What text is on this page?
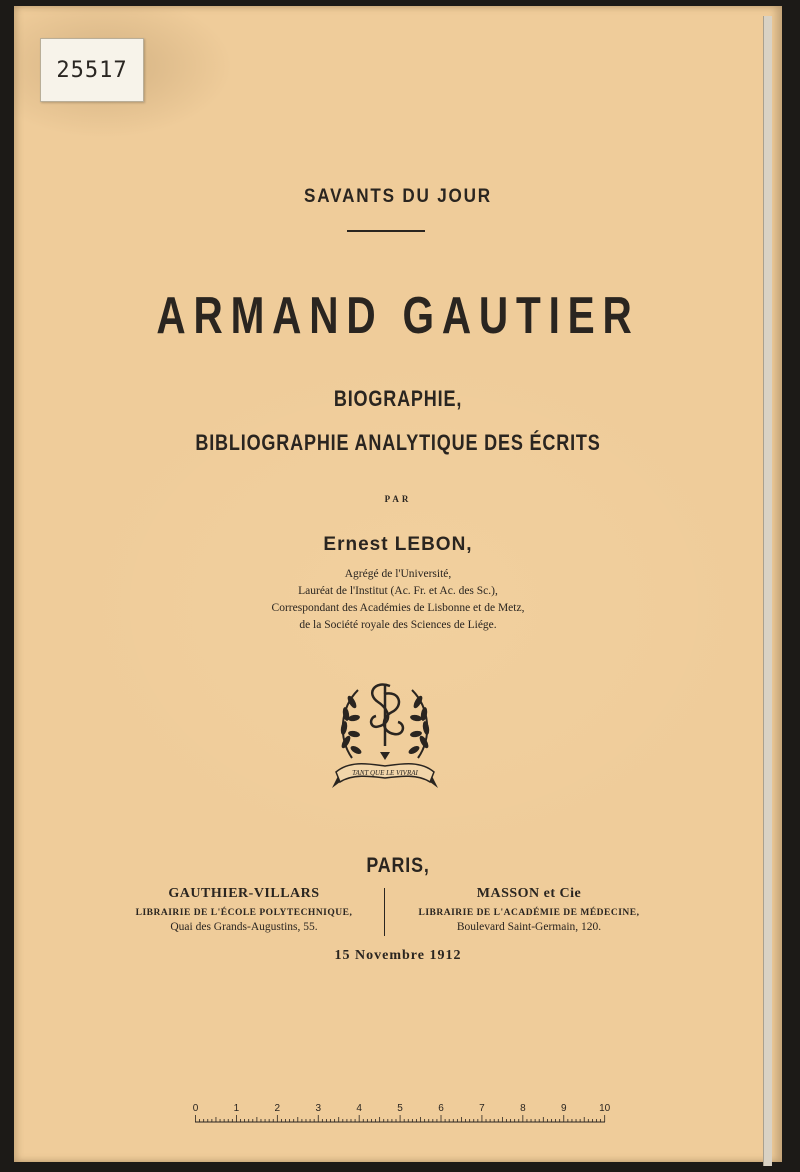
25517
SAVANTS DU JOUR
ARMAND GAUTIER
BIOGRAPHIE,
BIBLIOGRAPHIE ANALYTIQUE DES ÉCRITS
PAR
Ernest LEBON,
Agrégé de l'Université,
Lauréat de l'Institut (Ac. Fr. et Ac. des Sc.),
Correspondant des Académies de Lisbonne et de Metz,
de la Société royale des Sciences de Liége.
TANT QUE LE VIVRAI
PARIS,
GAUTHIER-VILLARS
LIBRAIRIE DE L'ÉCOLE POLYTECHNIQUE,
Quai des Grands-Augustins, 55.
MASSON et Cie
LIBRAIRIE DE L'ACADÉMIE DE MÉDECINE,
Boulevard Saint-Germain, 120.
15 Novembre 1912
0	1	2	3	4	5	6	7	8	9	10
